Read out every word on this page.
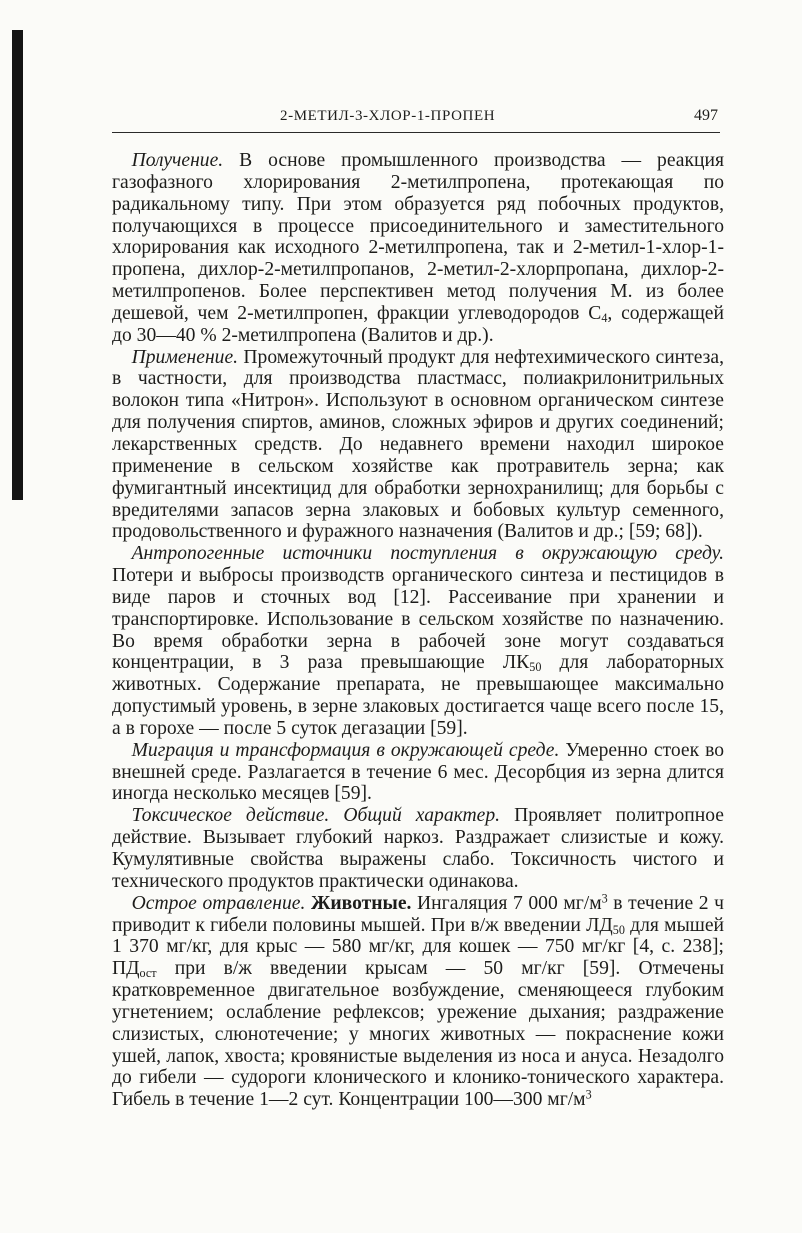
2-МЕТИЛ-3-ХЛОР-1-ПРОПЕН	497

Получение. В основе промышленного производства — реакция газофазного хлорирования 2-метилпропена, протекающая по радикальному типу. При этом образуется ряд побочных продуктов, получающихся в процессе присоединительного и заместительного хлорирования как исходного 2-метилпропена, так и 2-метил-1-хлор-1-пропена, дихлор-2-метилпропанов, 2-метил-2-хлорпропана, дихлор-2-метилпропенов. Более перспективен метод получения М. из более дешевой, чем 2-метилпропен, фракции углеводородов $С_4$, содержащей до 30—40 % 2-метилпропена (Валитов и др.).

Применение. Промежуточный продукт для нефтехимического синтеза, в частности, для производства пластмасс, полиакрилонитрильных волокон типа «Нитрон». Используют в основном органическом синтезе для получения спиртов, аминов, сложных эфиров и других соединений; лекарственных средств. До недавнего времени находил широкое применение в сельском хозяйстве как протравитель зерна; как фумигантный инсектицид для обработки зернохранилищ; для борьбы с вредителями запасов зерна злаковых и бобовых культур семенного, продовольственного и фуражного назначения (Валитов и др.; [59; 68]).

Антропогенные источники поступления в окружающую среду. Потери и выбросы производств органического синтеза и пестицидов в виде паров и сточных вод [12]. Рассеивание при хранении и транспортировке. Использование в сельском хозяйстве по назначению. Во время обработки зерна в рабочей зоне могут создаваться концентрации, в 3 раза превышающие $ЛК_{50}$ для лабораторных животных. Содержание препарата, не превышающее максимально допустимый уровень, в зерне злаковых достигается чаще всего после 15, а в горохе — после 5 суток дегазации [59].

Миграция и трансформация в окружающей среде. Умеренно стоек во внешней среде. Разлагается в течение 6 мес. Десорбция из зерна длится иногда несколько месяцев [59].

Токсическое действие. Общий характер. Проявляет политропное действие. Вызывает глубокий наркоз. Раздражает слизистые и кожу. Кумулятивные свойства выражены слабо. Токсичность чистого и технического продуктов практически одинакова.

Острое отравление. Животные. Ингаляция 7 000 $мг/м^3$ в течение 2 ч приводит к гибели половины мышей. При в/ж введении $ЛД_{50}$ для мышей 1 370 мг/кг, для крыс — 580 мг/кг, для кошек — 750 мг/кг [4, с. 238]; $ПД_{ост}$ при в/ж введении крысам — 50 мг/кг [59]. Отмечены кратковременное двигательное возбуждение, сменяющееся глубоким угнетением; ослабление рефлексов; урежение дыхания; раздражение слизистых, слюнотечение; у многих животных — покраснение кожи ушей, лапок, хвоста; кровянистые выделения из носа и ануса. Незадолго до гибели — судороги клонического и клонико-тонического характера. Гибель в течение 1—2 сут. Концентрации 100—300 $мг/м^3$
